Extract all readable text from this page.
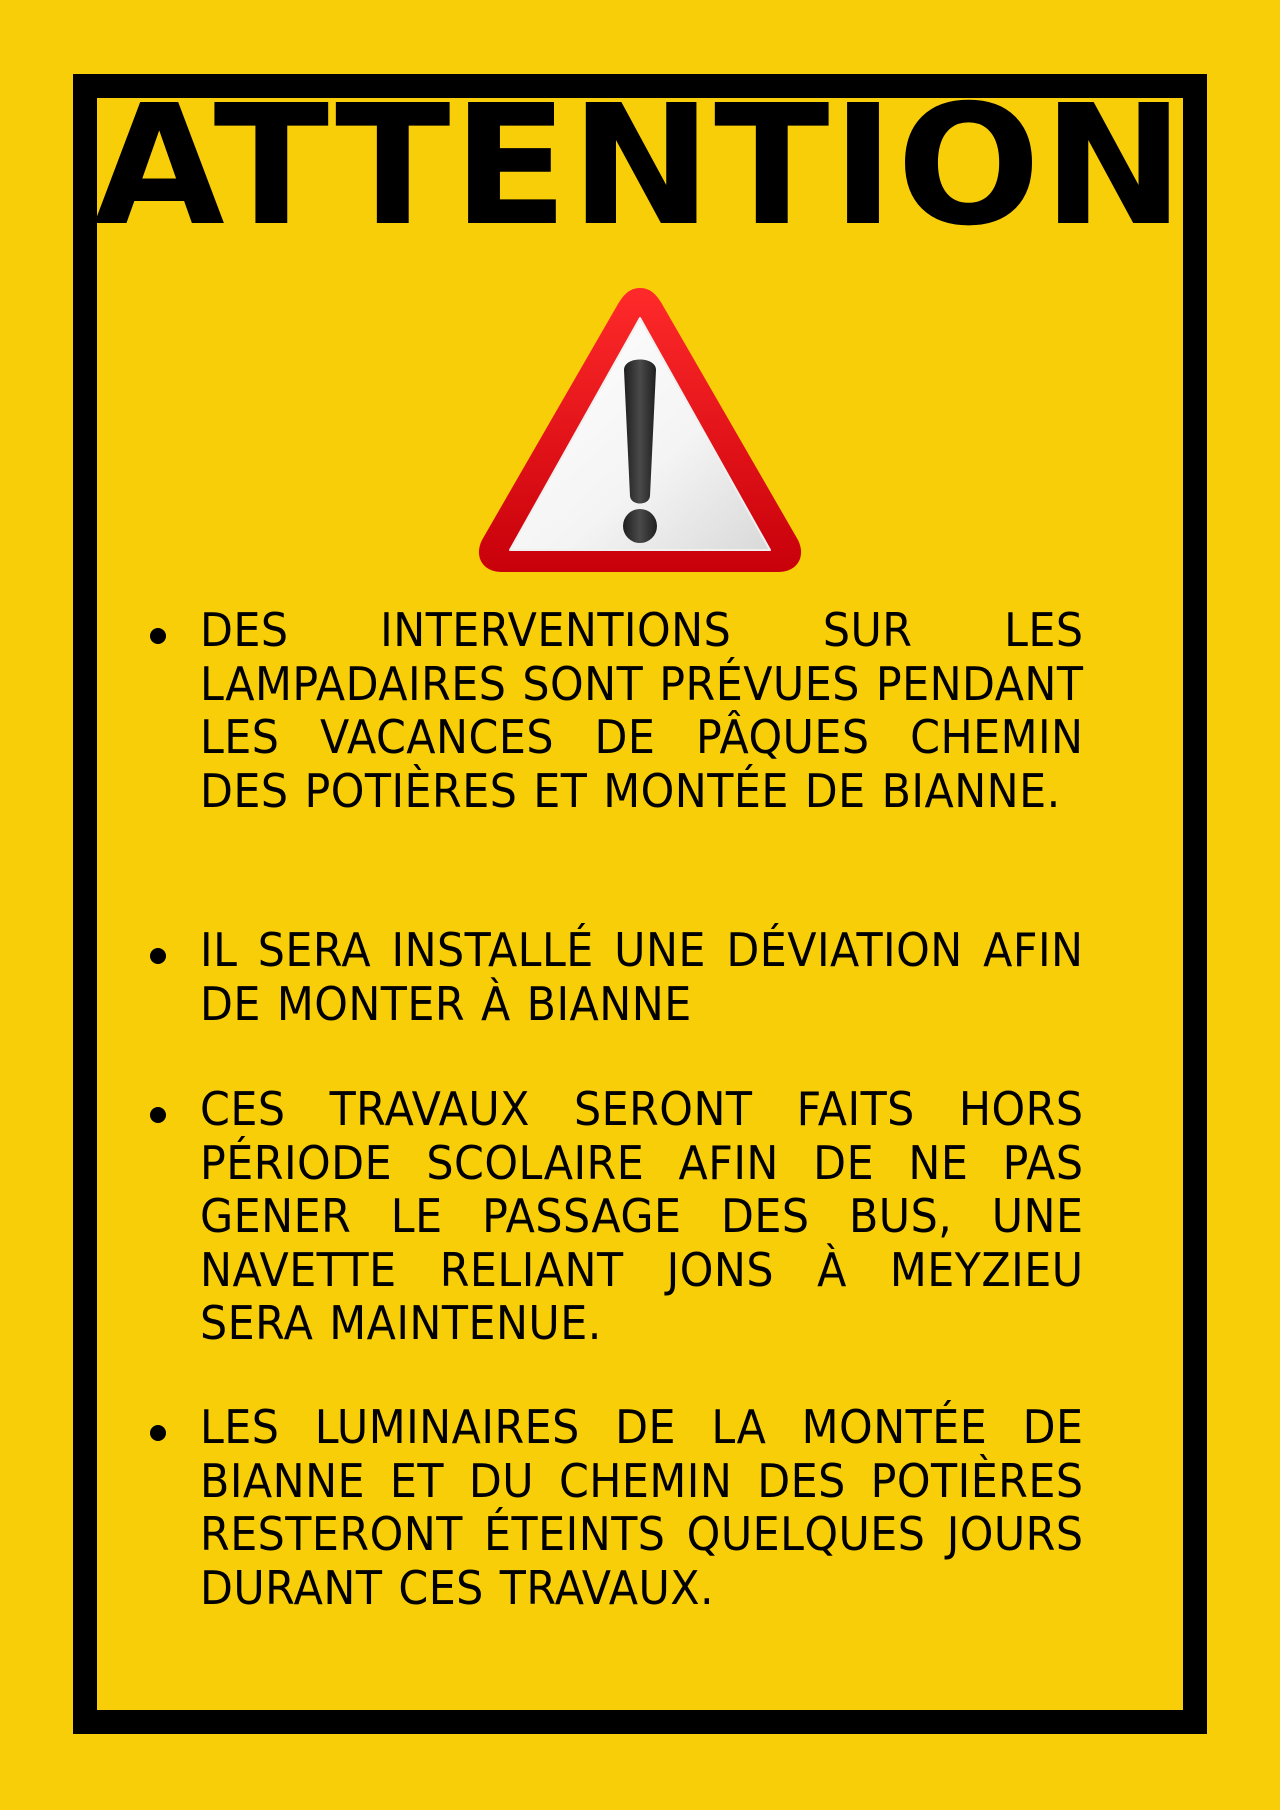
ATTENTION

DES INTERVENTIONS SUR LES LAMPADAIRES SONT PRÉVUES PENDANT LES VACANCES DE PÂQUES CHEMIN DES POTIÈRES ET MONTÉE DE BIANNE.

IL SERA INSTALLÉ UNE DÉVIATION AFIN DE MONTER À BIANNE

CES TRAVAUX SERONT FAITS HORS PÉRIODE SCOLAIRE AFIN DE NE PAS GENER LE PASSAGE DES BUS, UNE NAVETTE RELIANT JONS À MEYZIEU SERA MAINTENUE.

LES LUMINAIRES DE LA MONTÉE DE BIANNE ET DU CHEMIN DES POTIÈRES RESTERONT ÉTEINTS QUELQUES JOURS DURANT CES TRAVAUX.
